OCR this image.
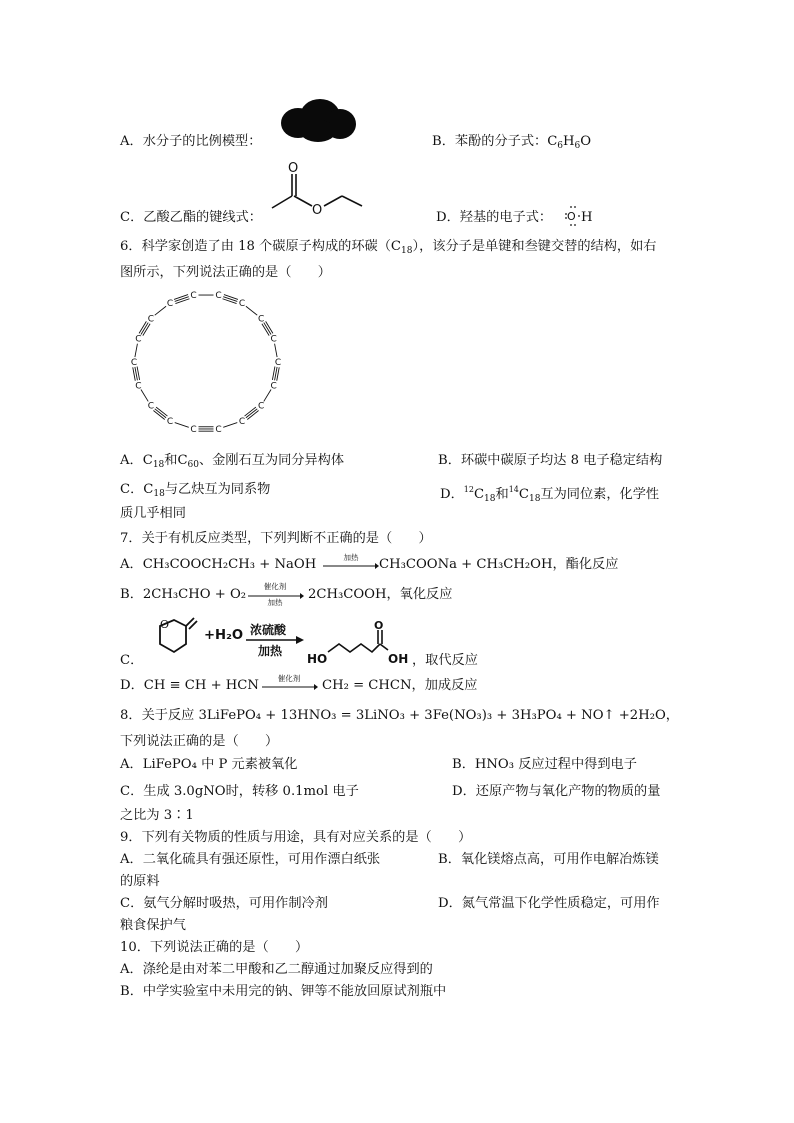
A．水分子的比例模型：	B．苯酚的分子式：$C_6H_6O$
C．乙酸乙酯的键线式：
O
O	D．羟基的电子式： O H
6．科学家创造了由 18 个碳原子构成的环碳$(C_{18})$，该分子是单键和叁键交替的结构，如右
图所示，下列说法正确的是（　　）
C
C
C
C
C
C
C
C
C
C
C
C
C
C
C
C
C
C
A．$C_{18}$和$C_{60}$、金刚石互为同分异构体	B．环碳中碳原子均达 8 电子稳定结构
C．$C_{18}$与乙炔互为同系物	D．$^{12}C_{18}$和$^{14}C_{18}$互为同位素，化学性
质几乎相同
7．关于有机反应类型，下列判断不正确的是（　　）
A．CH₃COOCH₂CH₃ + NaOH	加热	CH₃COONa + CH₃CH₂OH，酯化反应
B．2CH₃CHO + O₂
催化剂
加热
2CH₃COOH，氧化反应
C．
O
+H₂O 浓硫酸
加热
HO
O
OH ，取代反应
D．CH ≡ CH + HCN	催化剂	CH₂ = CHCN，加成反应
8．关于反应 3LiFePO₄ + 13HNO₃ = 3LiNO₃ + 3Fe(NO₃)₃ + 3H₃PO₄ + NO↑ +2H₂O，
下列说法正确的是（　　）
A．LiFePO₄ 中 P 元素被氧化	B．HNO₃ 反应过程中得到电子
C．生成 3.0gNO时，转移 0.1mol 电子	D．还原产物与氧化产物的物质的量
之比为 3∶1
9．下列有关物质的性质与用途，具有对应关系的是（　　）
A．二氧化硫具有强还原性，可用作漂白纸张	B．氧化镁熔点高，可用作电解冶炼镁
的原料
C．氨气分解时吸热，可用作制冷剂	D．氮气常温下化学性质稳定，可用作
粮食保护气
10．下列说法正确的是（　　）
A．涤纶是由对苯二甲酸和乙二醇通过加聚反应得到的
B．中学实验室中未用完的钠、钾等不能放回原试剂瓶中
